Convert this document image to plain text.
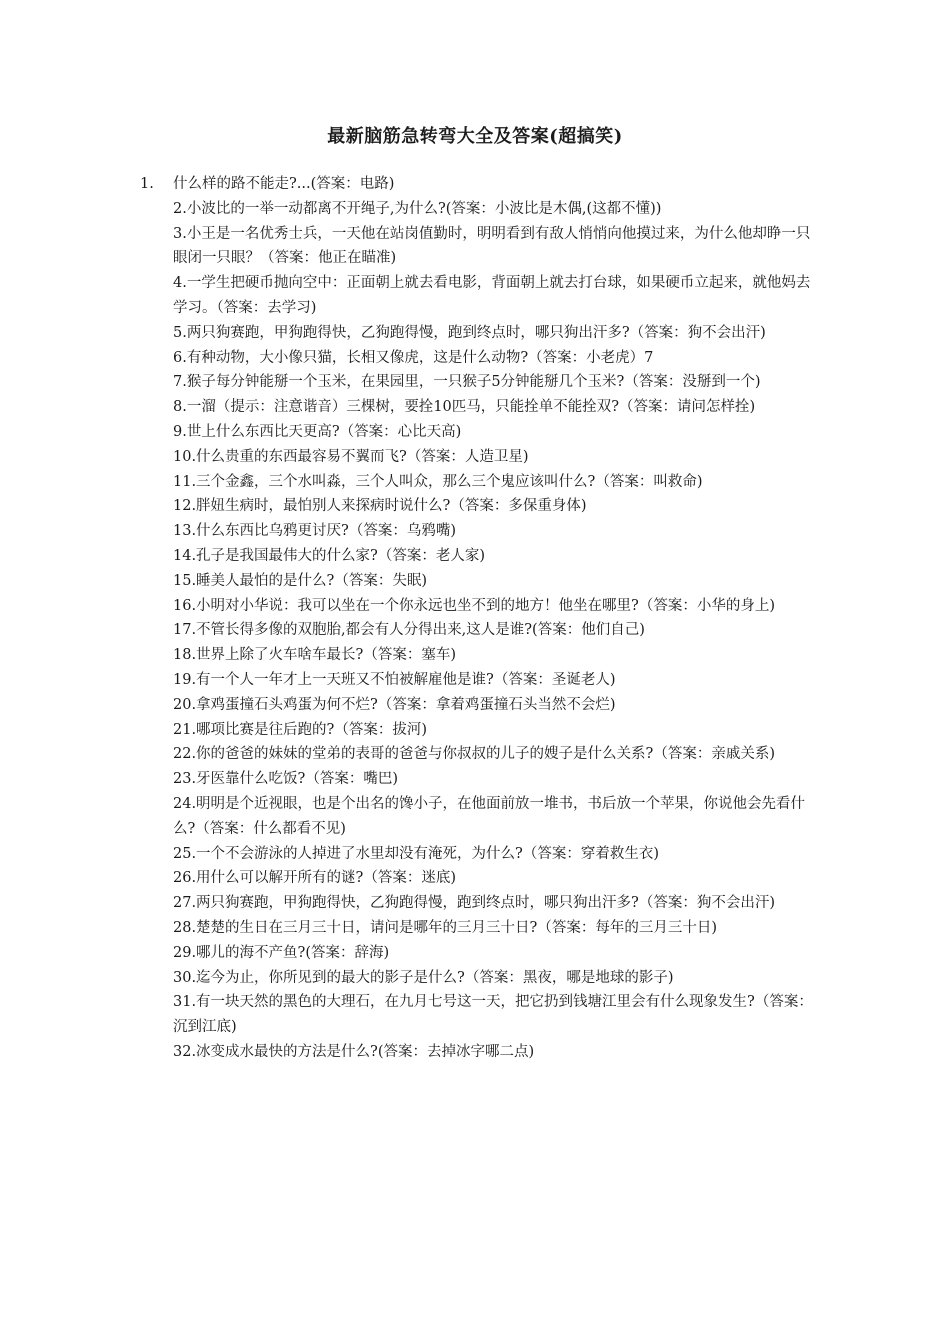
最新脑筋急转弯大全及答案(超搞笑)
1. 什么样的路不能走?...(答案：电路)
2.小波比的一举一动都离不开绳子,为什么?(答案：小波比是木偶,(这都不懂))
3.小王是一名优秀士兵，一天他在站岗值勤时，明明看到有敌人悄悄向他摸过来，为什么他却睁一只眼闭一只眼？（答案：他正在瞄准)
4.一学生把硬币抛向空中：正面朝上就去看电影，背面朝上就去打台球，如果硬币立起来，就他妈去学习。（答案：去学习)
5.两只狗赛跑，甲狗跑得快，乙狗跑得慢，跑到终点时，哪只狗出汗多?（答案：狗不会出汗)
6.有种动物，大小像只猫，长相又像虎，这是什么动物?（答案：小老虎）7
7.猴子每分钟能掰一个玉米，在果园里，一只猴子5分钟能掰几个玉米?（答案：没掰到一个)
8.一溜（提示：注意谐音）三棵树，要拴10匹马，只能拴单不能拴双?（答案：请问怎样拴)
9.世上什么东西比天更高?（答案：心比天高)
10.什么贵重的东西最容易不翼而飞?（答案：人造卫星)
11.三个金鑫，三个水叫淼，三个人叫众，那么三个鬼应该叫什么?（答案：叫救命)
12.胖妞生病时，最怕别人来探病时说什么?（答案：多保重身体)
13.什么东西比乌鸦更讨厌?（答案：乌鸦嘴)
14.孔子是我国最伟大的什么家?（答案：老人家)
15.睡美人最怕的是什么?（答案：失眠)
16.小明对小华说：我可以坐在一个你永远也坐不到的地方！他坐在哪里?（答案：小华的身上)
17.不管长得多像的双胞胎,都会有人分得出来,这人是谁?(答案：他们自己)
18.世界上除了火车啥车最长?（答案：塞车)
19.有一个人一年才上一天班又不怕被解雇他是谁?（答案：圣诞老人)
20.拿鸡蛋撞石头鸡蛋为何不烂?（答案：拿着鸡蛋撞石头当然不会烂)
21.哪项比赛是往后跑的?（答案：拔河)
22.你的爸爸的妹妹的堂弟的表哥的爸爸与你叔叔的儿子的嫂子是什么关系?（答案：亲戚关系)
23.牙医靠什么吃饭?（答案：嘴巴)
24.明明是个近视眼，也是个出名的馋小子，在他面前放一堆书，书后放一个苹果，你说他会先看什么?（答案：什么都看不见)
25.一个不会游泳的人掉进了水里却没有淹死，为什么?（答案：穿着救生衣)
26.用什么可以解开所有的谜?（答案：迷底)
27.两只狗赛跑，甲狗跑得快，乙狗跑得慢，跑到终点时，哪只狗出汗多?（答案：狗不会出汗)
28.楚楚的生日在三月三十日，请问是哪年的三月三十日?（答案：每年的三月三十日)
29.哪儿的海不产鱼?(答案：辞海)
30.迄今为止，你所见到的最大的影子是什么?（答案：黑夜，哪是地球的影子)
31.有一块天然的黑色的大理石，在九月七号这一天，把它扔到钱塘江里会有什么现象发生?（答案：沉到江底)
32.冰变成水最快的方法是什么?(答案：去掉冰字哪二点)
